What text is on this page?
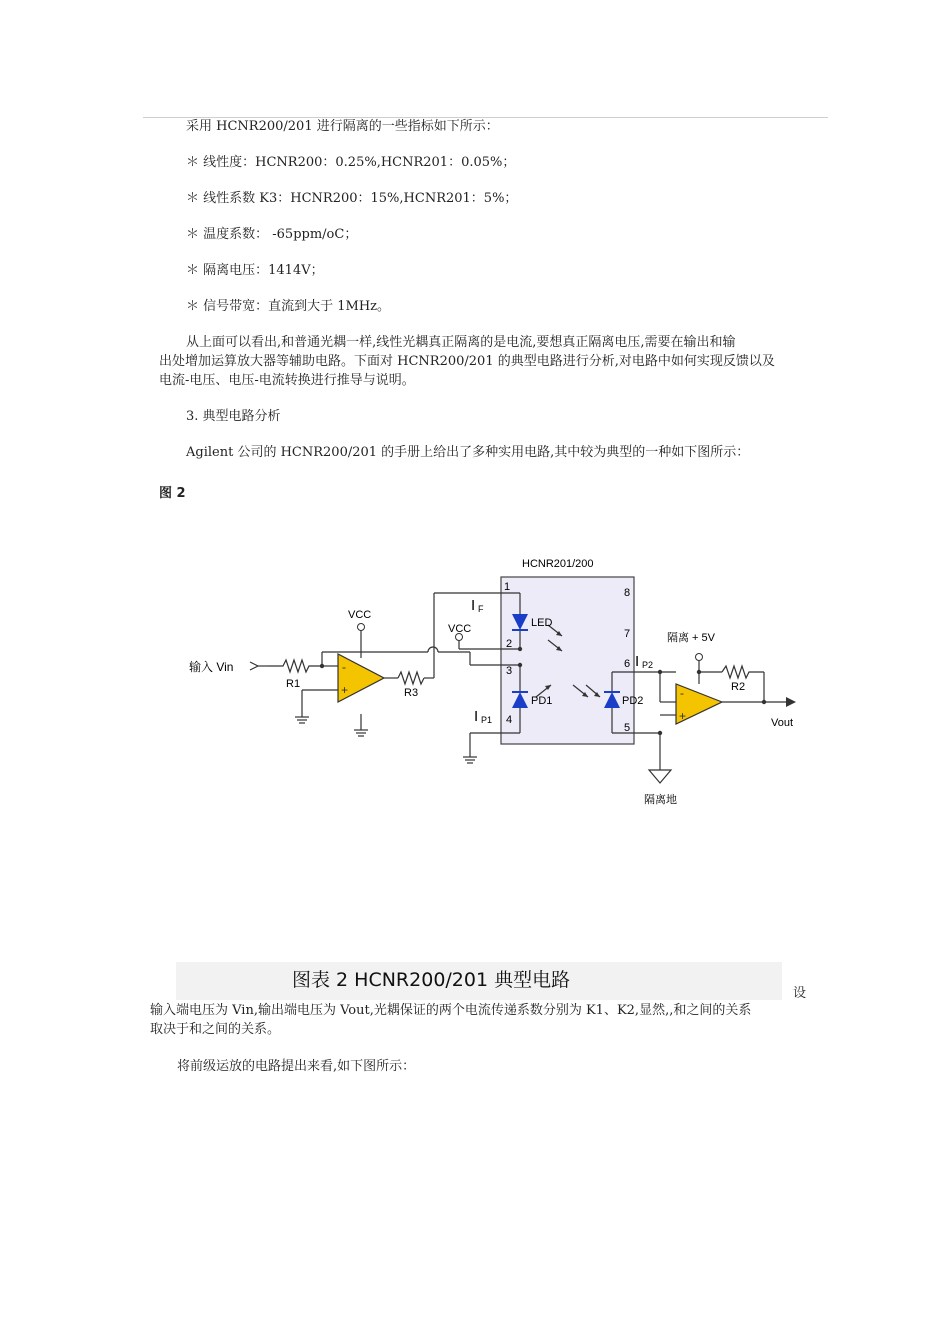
采用 HCNR200/201 进行隔离的一些指标如下所示：
＊ 线性度：HCNR200：0.25%,HCNR201：0.05%；
＊ 线性系数 K3：HCNR200：15%,HCNR201：5%；
＊ 温度系数： -65ppm/oC；
＊ 隔离电压：1414V；
＊ 信号带宽：直流到大于 1MHz。
从上面可以看出,和普通光耦一样,线性光耦真正隔离的是电流,要想真正隔离电压,需要在输出和输
出处增加运算放大器等辅助电路。下面对 HCNR200/201 的典型电路进行分析,对电路中如何实现反馈以及
电流-电压、电压-电流转换进行推导与说明。
3. 典型电路分析
Agilent 公司的 HCNR200/201 的手册上给出了多种实用电路,其中较为典型的一种如下图所示：
图 2
HCNR201/200
1
2
3
4
5
6
7
8
VCC
VCC
输入 Vin
R1
R3	R2
I F
I P1
I P2
LED
PD1	PD2
隔离 + 5V
隔离地
Vout
-
+	-
+
图表 2 HCNR200/201 典型电路
设
输入端电压为 Vin,输出端电压为 Vout,光耦保证的两个电流传递系数分别为 K1、K2,显然,,和之间的关系
取决于和之间的关系。
将前级运放的电路提出来看,如下图所示：
